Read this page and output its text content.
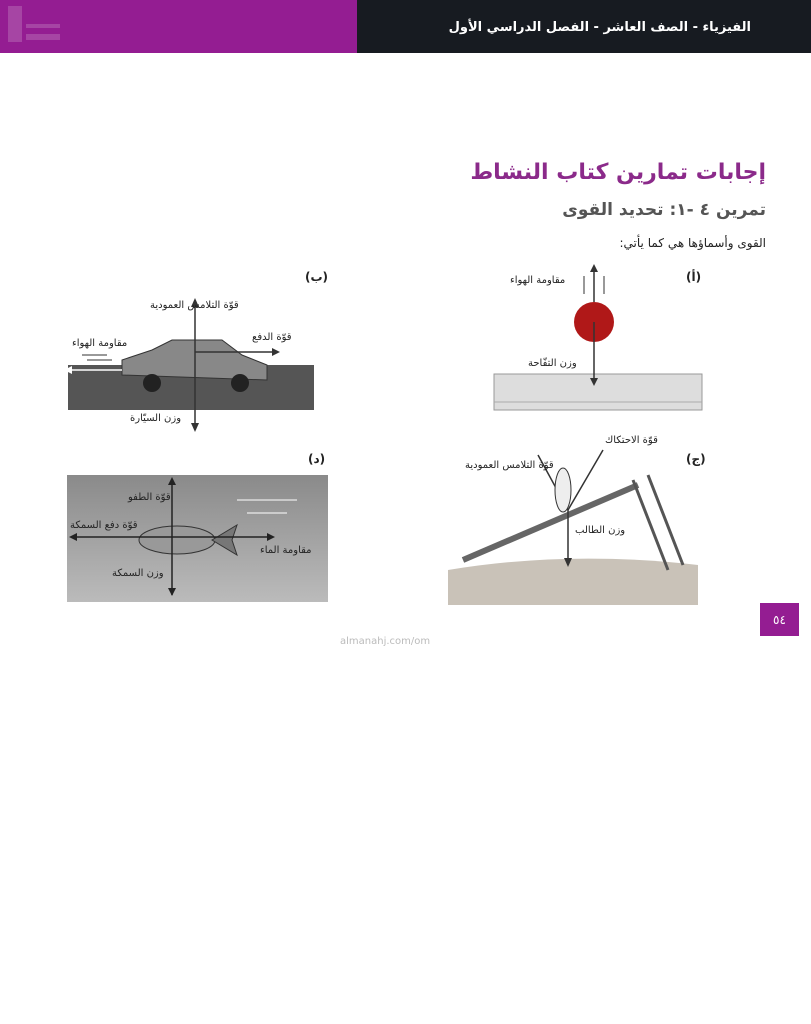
الفيزياء - الصف العاشر - الفصل الدراسي الأول
إجابات تمارين كتاب النشاط
تمرين ٤ -١: تحديد القوى
القوى وأسماؤها هي كما يأتي:
(أ)
مقاومة الهواء
وزن التفّاحة
(ب)
قوّة التلامس العمودية
قوّة الدفع
مقاومة الهواء
وزن السيّارة
(ج)
قوّة الاحتكاك
قوّة التلامس العمودية
وزن الطالب
(د)
قوّة الطفو
قوّة دفع السمكة
مقاومة الماء
وزن السمكة
٥٤
almanahj.com/om
